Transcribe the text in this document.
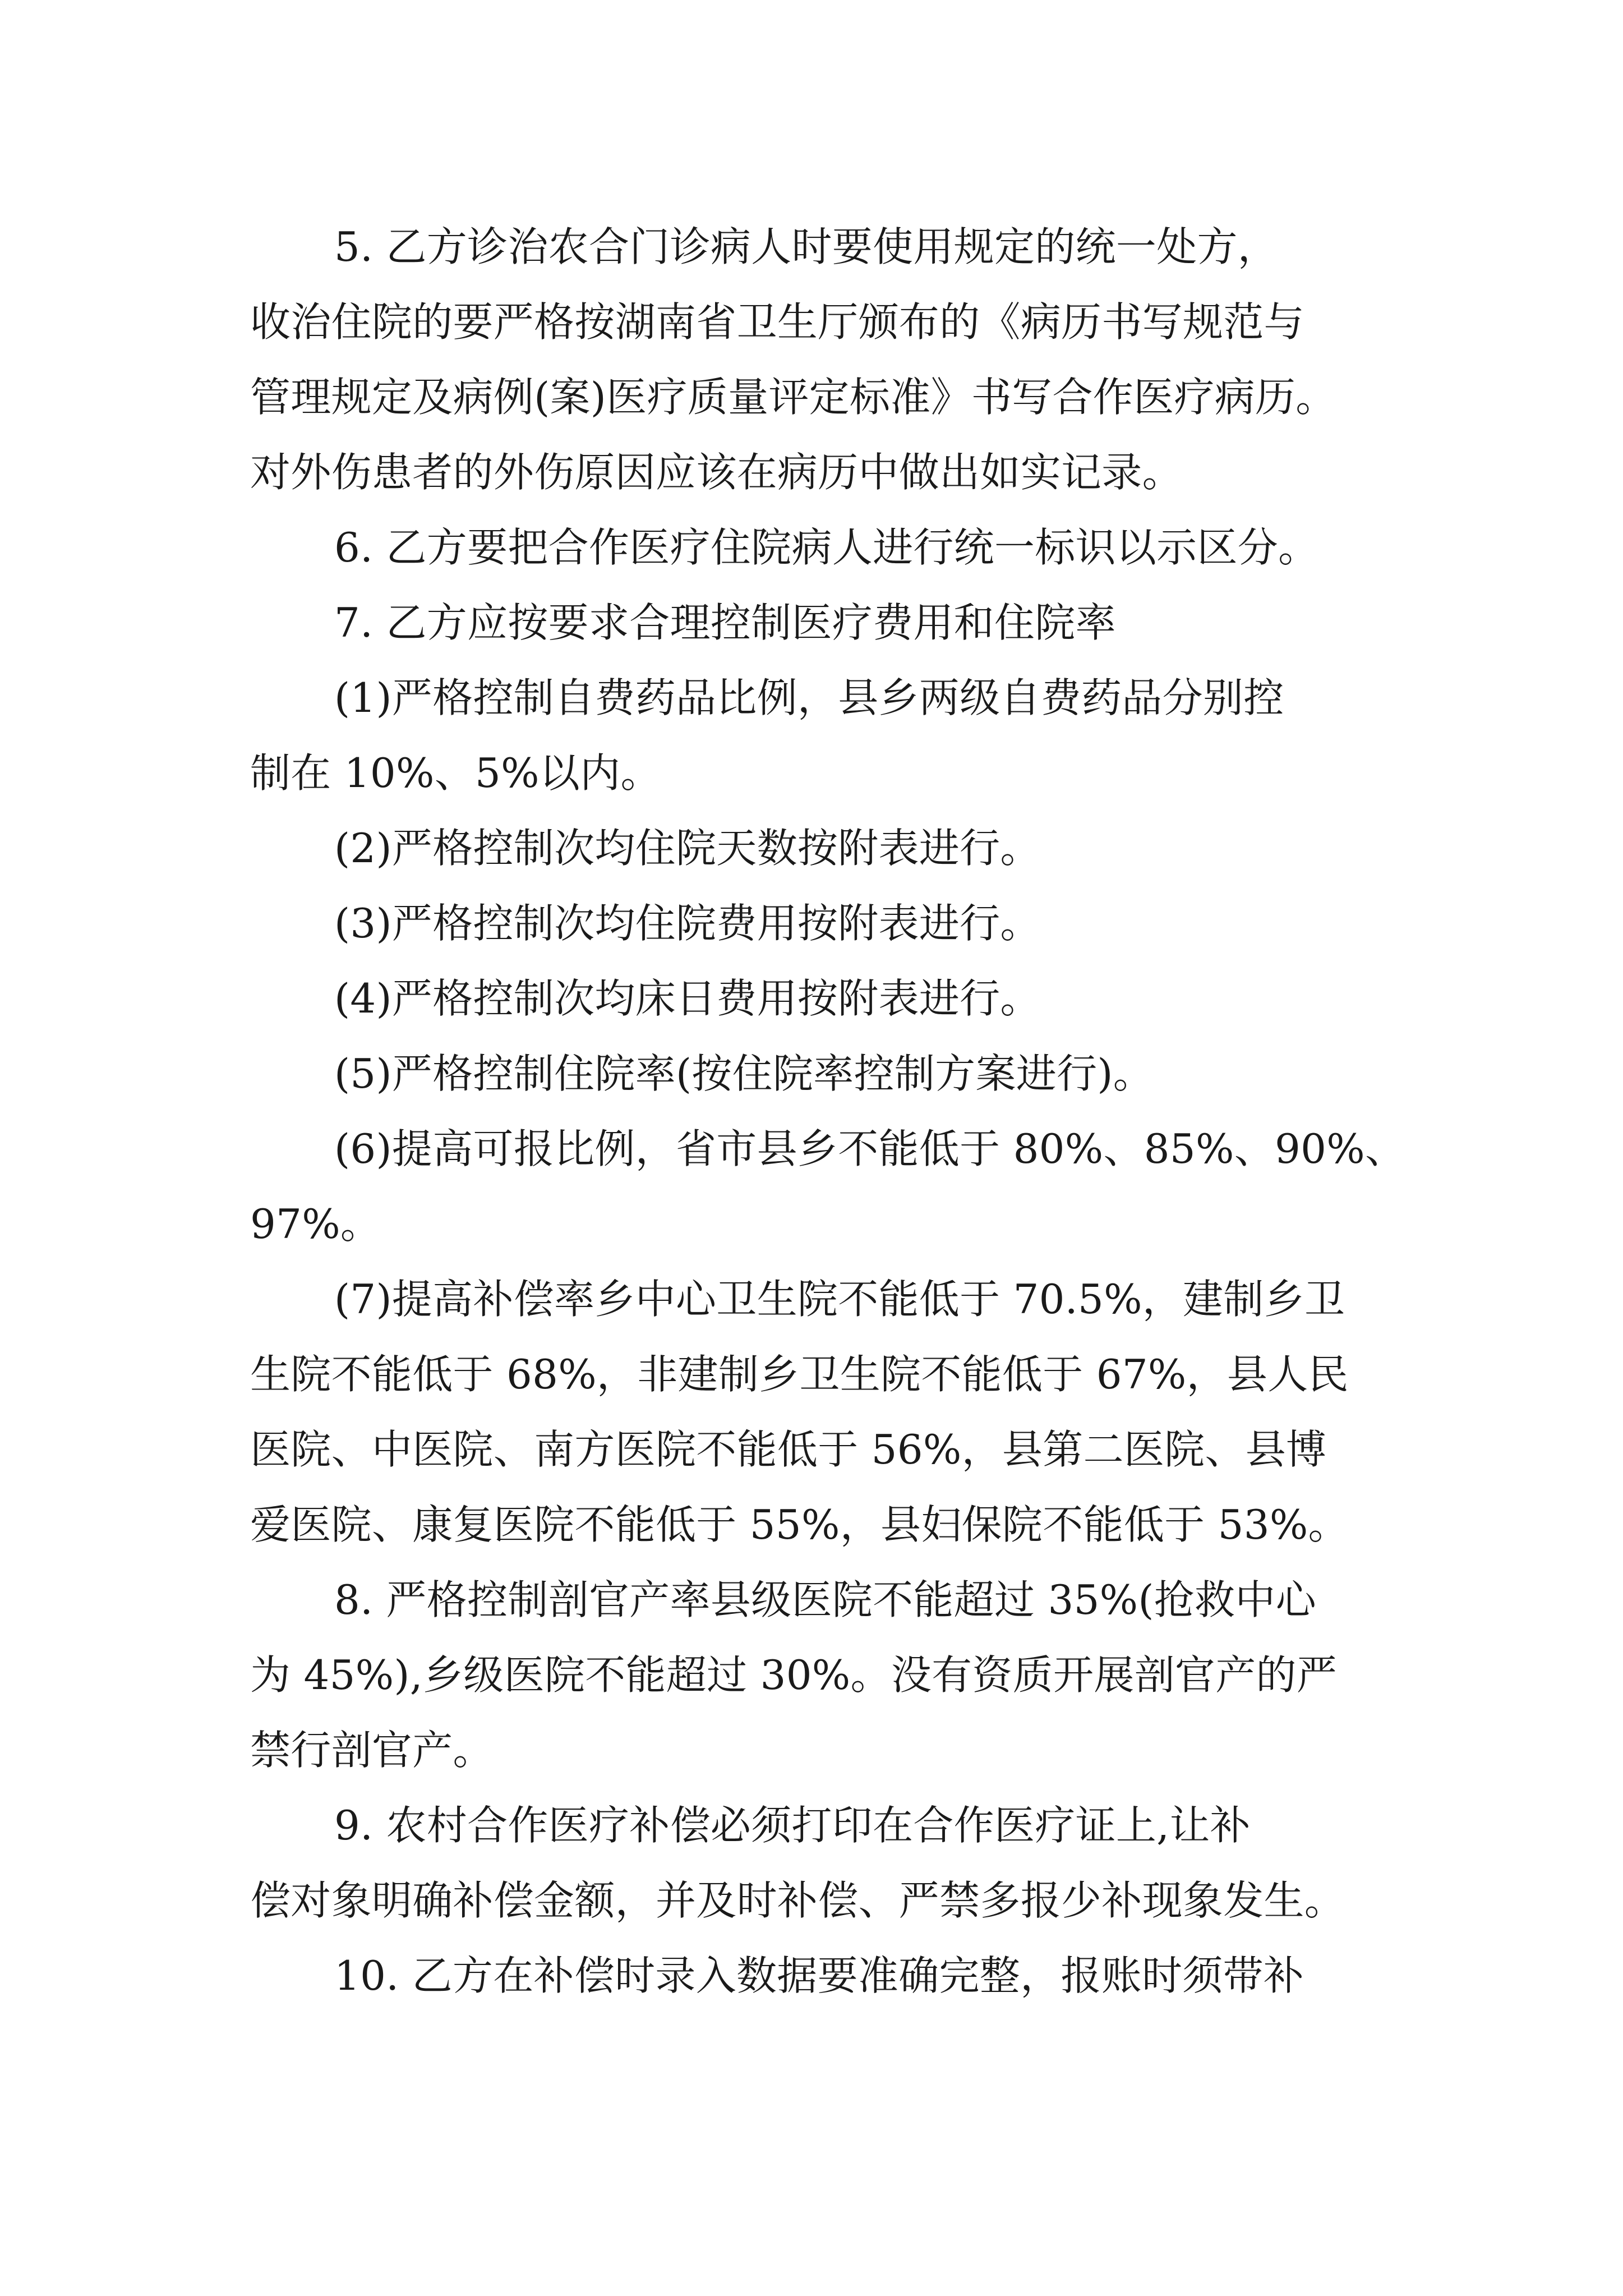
5. 乙方诊治农合门诊病人时要使用规定的统一处方，
收治住院的要严格按湖南省卫生厅颁布的《病历书写规范与
管理规定及病例(案)医疗质量评定标准》书写合作医疗病历。
对外伤患者的外伤原因应该在病历中做出如实记录。
6. 乙方要把合作医疗住院病人进行统一标识以示区分。
7. 乙方应按要求合理控制医疗费用和住院率
(1)严格控制自费药品比例，县乡两级自费药品分别控
制在 10%、5%以内。
(2)严格控制次均住院天数按附表进行。
(3)严格控制次均住院费用按附表进行。
(4)严格控制次均床日费用按附表进行。
(5)严格控制住院率(按住院率控制方案进行)。
(6)提高可报比例，省市县乡不能低于 80%、85%、90%、
97%。
(7)提高补偿率乡中心卫生院不能低于 70.5%，建制乡卫
生院不能低于 68%，非建制乡卫生院不能低于 67%，县人民
医院、中医院、南方医院不能低于 56%，县第二医院、县博
爱医院、康复医院不能低于 55%，县妇保院不能低于 53%。
8. 严格控制剖官产率县级医院不能超过 35%(抢救中心
为 45%),乡级医院不能超过 30%。没有资质开展剖官产的严
禁行剖官产。
9. 农村合作医疗补偿必须打印在合作医疗证上,让补
偿对象明确补偿金额，并及时补偿、严禁多报少补现象发生。
10. 乙方在补偿时录入数据要准确完整，报账时须带补
